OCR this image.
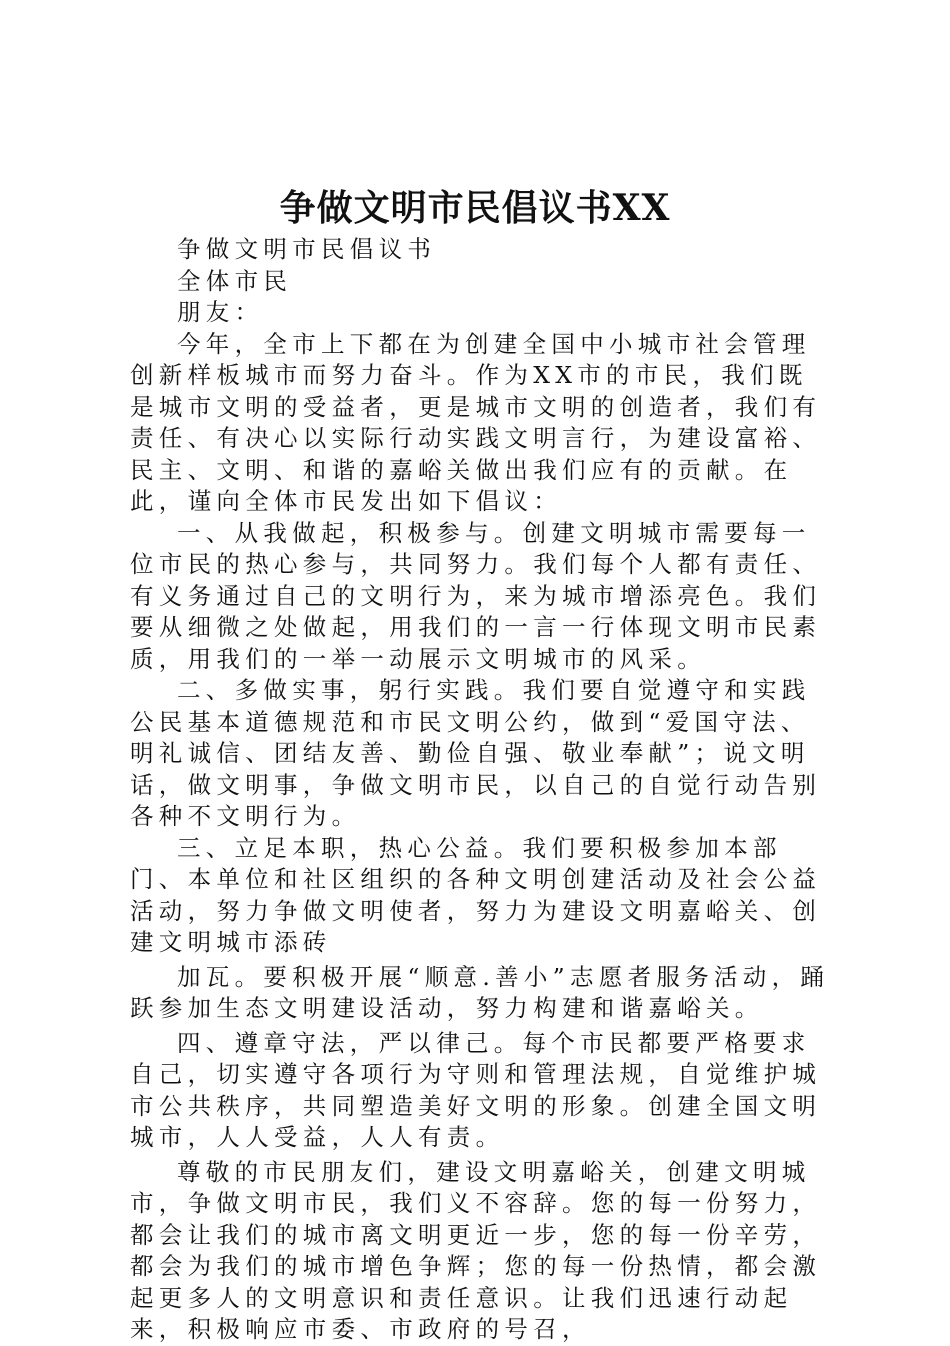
争做文明市民倡议书XX

争做文明市民倡议书

全体市民

朋友：

今年，全市上下都在为创建全国中小城市社会管理创新样板城市而努力奋斗。作为XX市的市民，我们既是城市文明的受益者，更是城市文明的创造者，我们有责任、有决心以实际行动实践文明言行，为建设富裕、民主、文明、和谐的嘉峪关做出我们应有的贡献。在此，谨向全体市民发出如下倡议：

一、从我做起，积极参与。创建文明城市需要每一位市民的热心参与，共同努力。我们每个人都有责任、有义务通过自己的文明行为，来为城市增添亮色。我们要从细微之处做起，用我们的一言一行体现文明市民素质，用我们的一举一动展示文明城市的风采。

二、多做实事，躬行实践。我们要自觉遵守和实践公民基本道德规范和市民文明公约，做到“爱国守法、明礼诚信、团结友善、勤俭自强、敬业奉献”；说文明话，做文明事，争做文明市民，以自己的自觉行动告别各种不文明行为。

三、立足本职，热心公益。我们要积极参加本部门、本单位和社区组织的各种文明创建活动及社会公益活动，努力争做文明使者，努力为建设文明嘉峪关、创建文明城市添砖

加瓦。要积极开展“顺意.善小”志愿者服务活动，踊跃参加生态文明建设活动，努力构建和谐嘉峪关。

四、遵章守法，严以律己。每个市民都要严格要求自己，切实遵守各项行为守则和管理法规，自觉维护城市公共秩序，共同塑造美好文明的形象。创建全国文明城市，人人受益，人人有责。

尊敬的市民朋友们，建设文明嘉峪关，创建文明城市，争做文明市民，我们义不容辞。您的每一份努力，都会让我们的城市离文明更近一步，您的每一份辛劳，都会为我们的城市增色争辉；您的每一份热情，都会激起更多人的文明意识和责任意识。让我们迅速行动起来，积极响应市委、市政府的号召，
